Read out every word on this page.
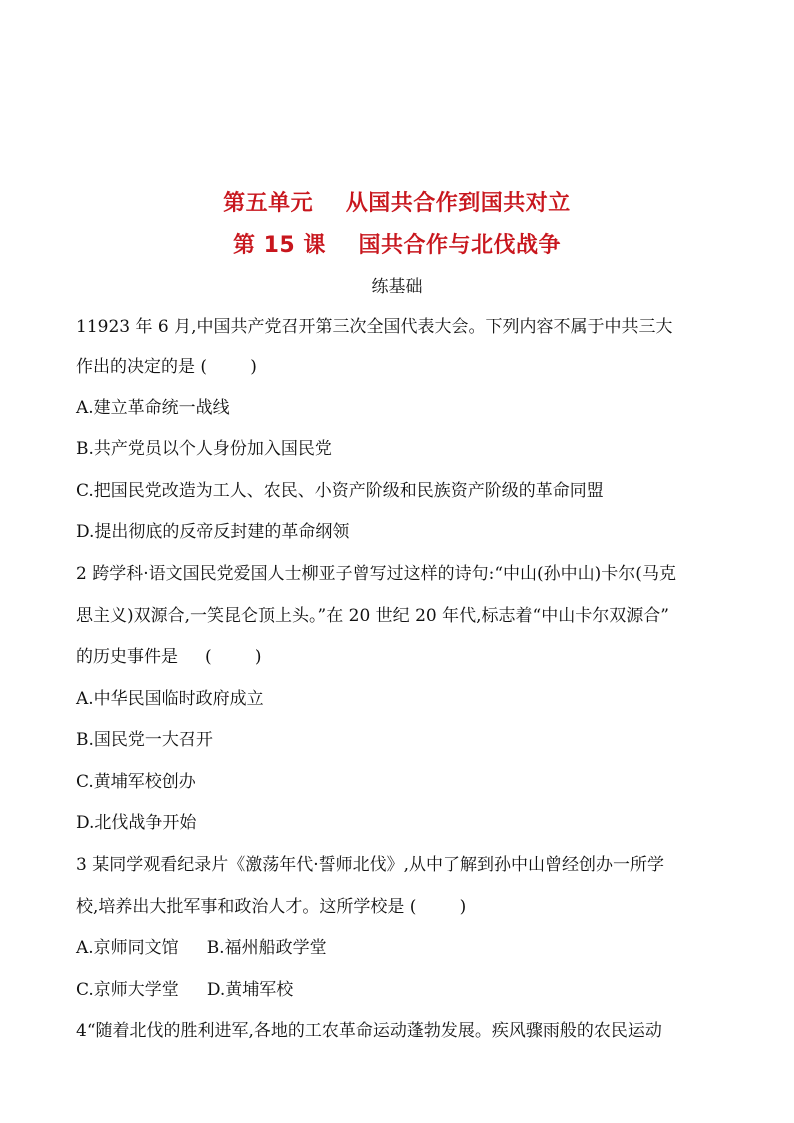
第五单元    从国共合作到国共对立
第 15 课    国共合作与北伐战争
练基础
11923 年 6 月,中国共产党召开第三次全国代表大会。下列内容不属于中共三大
作出的决定的是 (        )
A.建立革命统一战线
B.共产党员以个人身份加入国民党
C.把国民党改造为工人、农民、小资产阶级和民族资产阶级的革命同盟
D.提出彻底的反帝反封建的革命纲领
2 跨学科·语文国民党爱国人士柳亚子曾写过这样的诗句:“中山(孙中山)卡尔(马克
思主义)双源合,一笑昆仑顶上头。”在 20 世纪 20 年代,标志着“中山卡尔双源合”
的历史事件是     (        )
A.中华民国临时政府成立
B.国民党一大召开
C.黄埔军校创办
D.北伐战争开始
3 某同学观看纪录片《激荡年代·誓师北伐》,从中了解到孙中山曾经创办一所学
校,培养出大批军事和政治人才。这所学校是 (        )
A.京师同文馆 B.福州船政学堂
C.京师大学堂 D.黄埔军校
4“随着北伐的胜利进军,各地的工农革命运动蓬勃发展。疾风骤雨般的农民运动
